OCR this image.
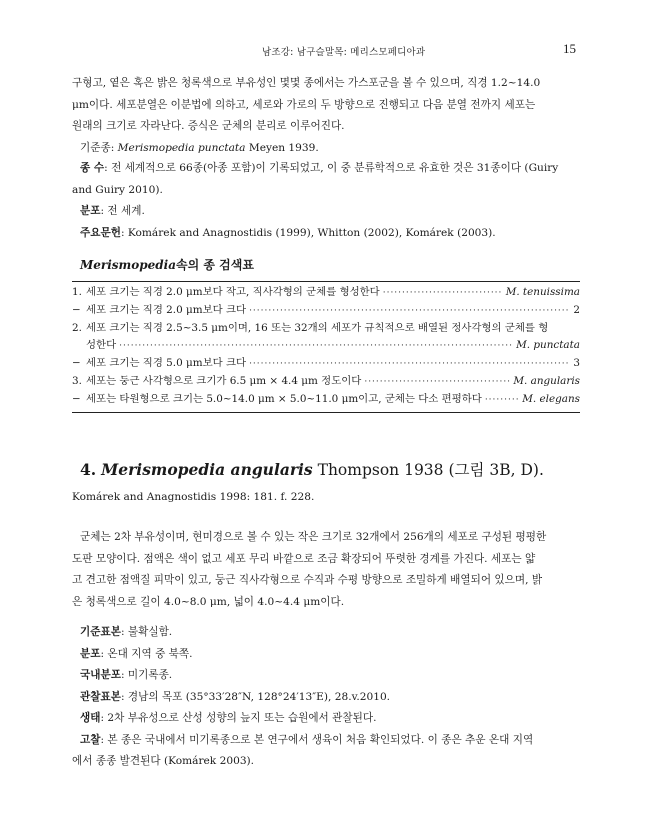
남조강: 남구슬말목: 메리스모페디아과	15

구형고, 옅은 혹은 밝은 청록색으로 부유성인 몇몇 종에서는 가스포군을 볼 수 있으며, 직경 1.2~14.0

μm이다. 세포분열은 이분법에 의하고, 세로와 가로의 두 방향으로 진행되고 다음 분열 전까지 세포는

원래의 크기로 자라난다. 증식은 군체의 분리로 이루어진다.

기준종: Merismopedia punctata Meyen 1939.

종 수: 전 세계적으로 66종(아종 포함)이 기록되었고, 이 중 분류학적으로 유효한 것은 31종이다 (Guiry

and Guiry 2010).

분포: 전 세계.

주요문헌: Komárek and Anagnostidis (1999), Whitton (2002), Komárek (2003).

Merismopedia속의 종 검색표
1. 세포 크기는 직경 2.0 μm보다 작고, 직사각형의 군체를 형성한다 ·····	M. tenuissima
− 세포 크기는 직경 2.0 μm보다 크다 ·····	2
2. 세포 크기는 직경 2.5~3.5 μm이며, 16 또는 32개의 세포가 규칙적으로 배열된 정사각형의 군체를 형
성한다 ·····	M. punctata
− 세포 크기는 직경 5.0 μm보다 크다 ·····	3
3. 세포는 둥근 사각형으로 크기가 6.5 μm × 4.4 μm 정도이다 ·····	M. angularis
− 세포는 타원형으로 크기는 5.0~14.0 μm × 5.0~11.0 μm이고, 군체는 다소 편평하다 ·····	M. elegans
4. Merismopedia angularis Thompson 1938 (그림 3B, D).
Komárek and Anagnostidis 1998: 181. f. 228.

군체는 2차 부유성이며, 현미경으로 볼 수 있는 작은 크기로 32개에서 256개의 세포로 구성된 평평한

도판 모양이다. 점액은 색이 없고 세포 무리 바깥으로 조금 확장되어 뚜렷한 경계를 가진다. 세포는 얇

고 견고한 점액질 피막이 있고, 둥근 직사각형으로 수직과 수평 방향으로 조밀하게 배열되어 있으며, 밝

은 청록색으로 길이 4.0~8.0 μm, 넓이 4.0~4.4 μm이다.

기준표본: 불확실함.

분포: 온대 지역 중 북쪽.

국내분포: 미기록종.

관찰표본: 경남의 목포 (35°33′28″N, 128°24′13″E), 28.v.2010.

생태: 2차 부유성으로 산성 성향의 늪지 또는 습원에서 관찰된다.

고찰: 본 종은 국내에서 미기록종으로 본 연구에서 생육이 처음 확인되었다. 이 종은 추운 온대 지역

에서 종종 발견된다 (Komárek 2003).
